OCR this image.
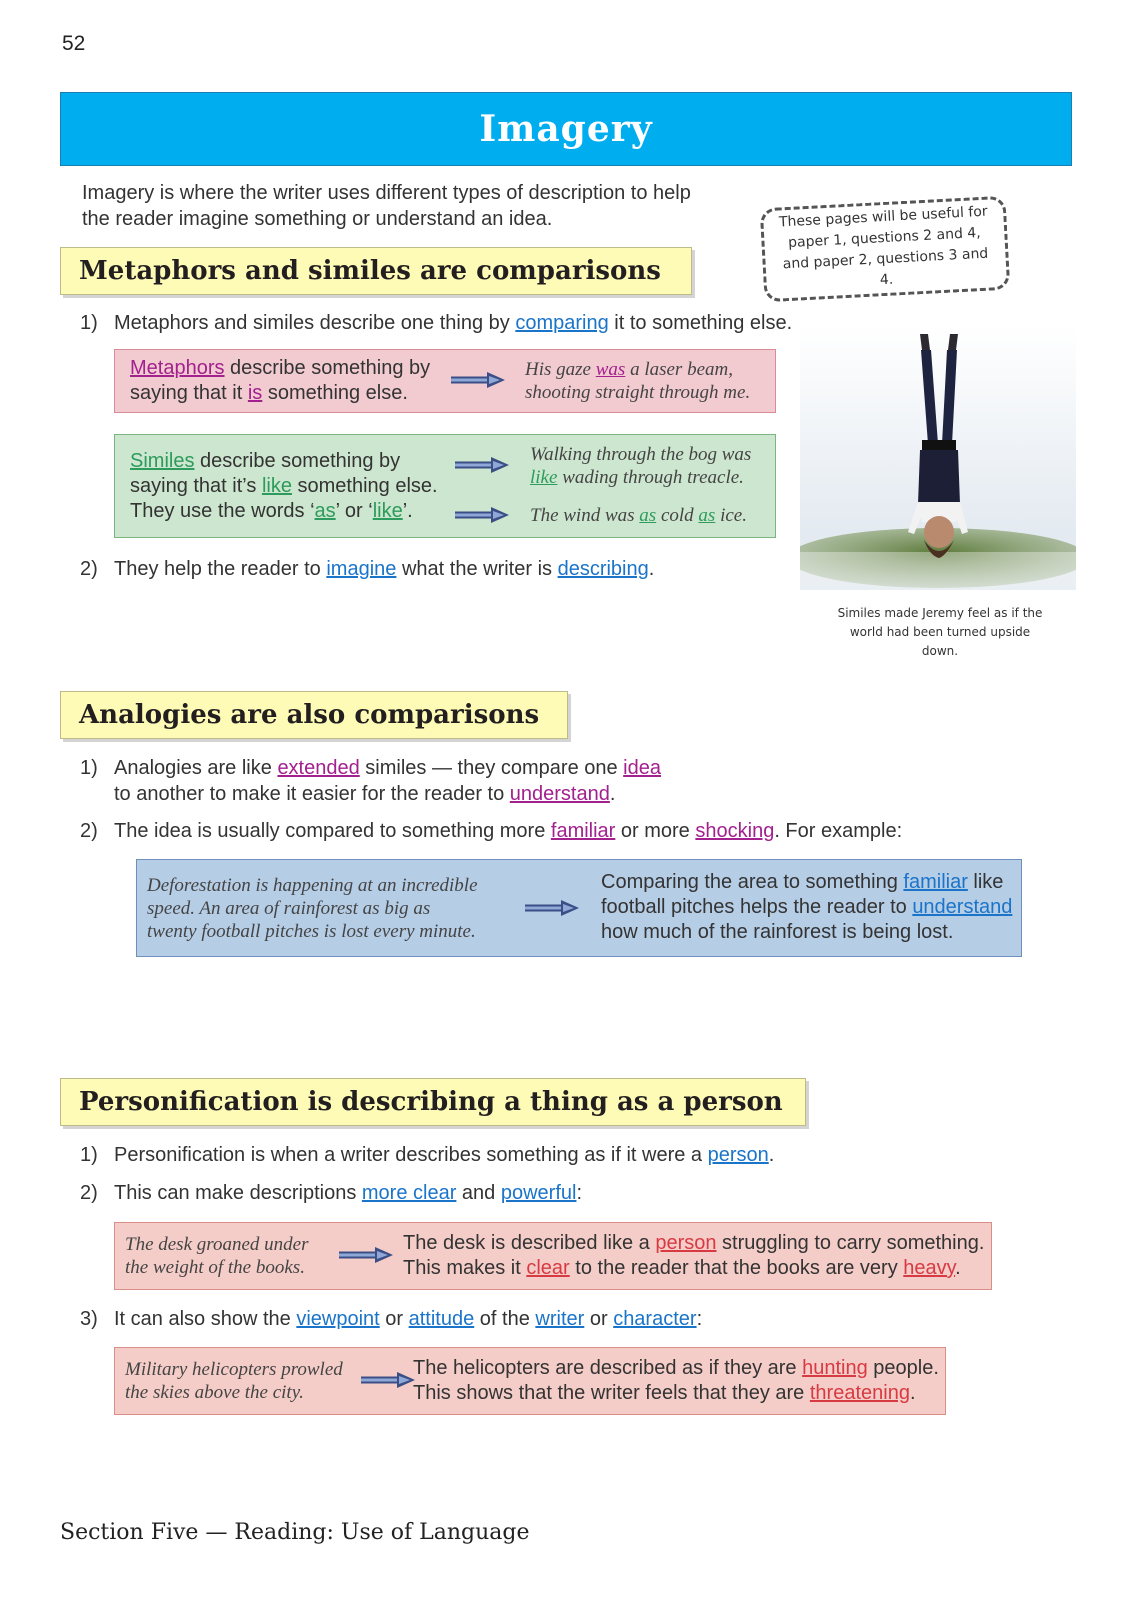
52
Imagery
Imagery is where the writer uses different types of description to help the reader imagine something or understand an idea.	These pages will be useful for paper 1, questions 2 and 4, and paper 2, questions 3 and 4.
Metaphors and similes are comparisons
1) Metaphors and similes describe one thing by comparing it to something else.
Metaphors describe something by
saying that it is something else.
His gaze was a laser beam,
shooting straight through me.
Similes describe something by
saying that it’s like something else.
They use the words ‘as’ or ‘like’.
Walking through the bog was
like wading through treacle.
The wind was as cold as ice.
2) They help the reader to imagine what the writer is describing.
Similes made Jeremy feel as if the world had been turned upside down.
Analogies are also comparisons
1) Analogies are like extended similes — they compare one idea
to another to make it easier for the reader to understand.
2) The idea is usually compared to something more familiar or more shocking. For example:
Deforestation is happening at an incredible
speed. An area of rainforest as big as
twenty football pitches is lost every minute.
Comparing the area to something familiar like
football pitches helps the reader to understand
how much of the rainforest is being lost.
Personification is describing a thing as a person
1) Personification is when a writer describes something as if it were a person.
2) This can make descriptions more clear and powerful:
The desk groaned under
the weight of the books.
The desk is described like a person struggling to carry something.
This makes it clear to the reader that the books are very heavy.
3) It can also show the viewpoint or attitude of the writer or character:
Military helicopters prowled
the skies above the city.
The helicopters are described as if they are hunting people.
This shows that the writer feels that they are threatening.
Section Five — Reading: Use of Language
